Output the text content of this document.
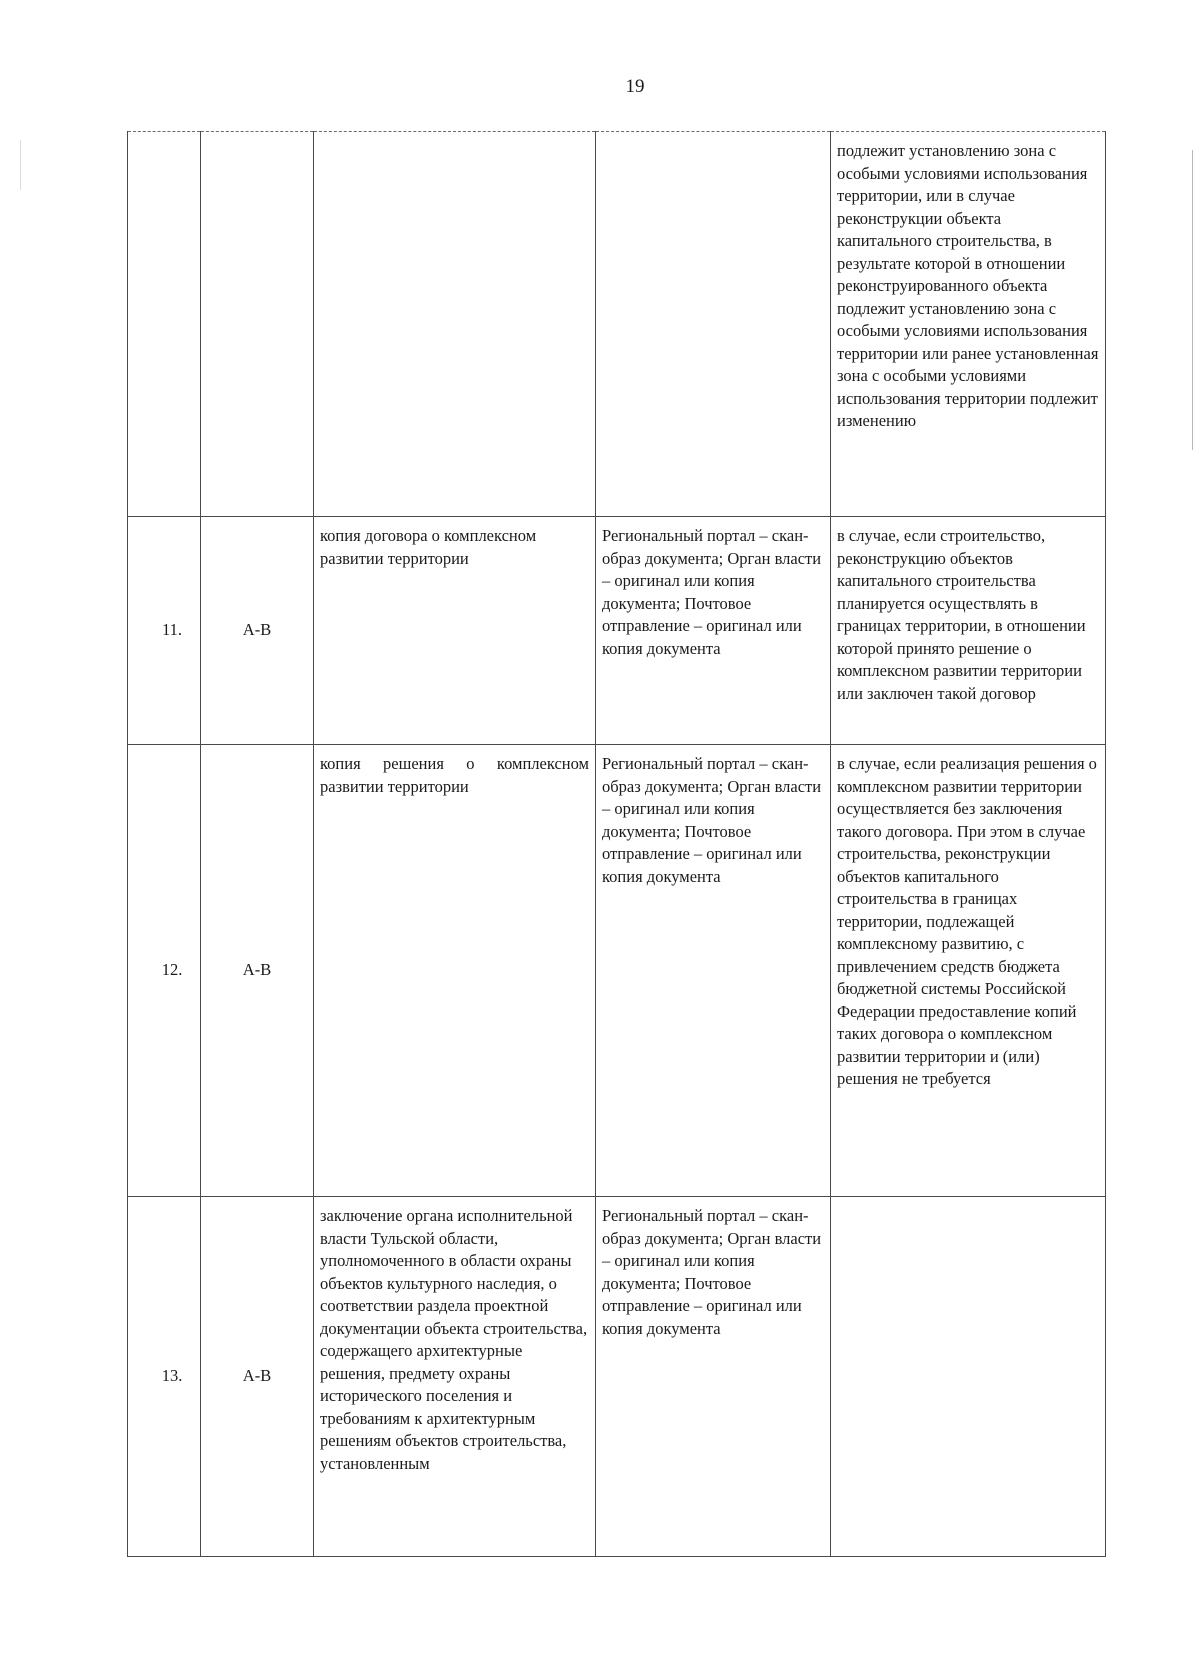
19

				подлежит установлению зона с особыми условиями использования территории, или в случае реконструкции объекта капитального строительства, в результате которой в отношении реконструированного объекта подлежит установлению зона с особыми условиями использования территории или ранее установленная зона с особыми условиями использования территории подлежит изменению

11.	А-В	копия договора о комплексном развитии территории	Региональный портал – скан-образ документа; Орган власти – оригинал или копия документа; Почтовое отправление – оригинал или копия документа	в случае, если строительство, реконструкцию объектов капитального строительства планируется осуществлять в границах территории, в отношении которой принято решение о комплексном развитии территории или заключен такой договор

12.	А-В	копия решения о комплексном развитии территории	Региональный портал – скан-образ документа; Орган власти – оригинал или копия документа; Почтовое отправление – оригинал или копия документа	в случае, если реализация решения о комплексном развитии территории осуществляется без заключения такого договора. При этом в случае строительства, реконструкции объектов капитального строительства в границах территории, подлежащей комплексному развитию, с привлечением средств бюджета бюджетной системы Российской Федерации предоставление копий таких договора о комплексном развитии территории и (или) решения не требуется

13.	А-В	заключение органа исполнительной власти Тульской области, уполномоченного в области охраны объектов культурного наследия, о соответствии раздела проектной документации объекта строительства, содержащего архитектурные решения, предмету охраны исторического поселения и требованиям к архитектурным решениям объектов строительства, установленным	Региональный портал – скан-образ документа; Орган власти – оригинал или копия документа; Почтовое отправление – оригинал или копия документа	
